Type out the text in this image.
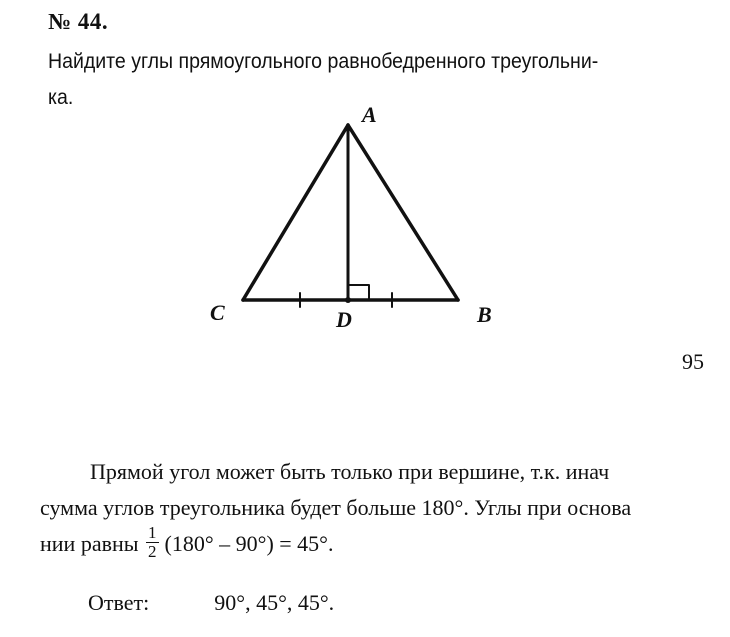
№ 44.
Найдите углы прямоугольного равнобедренного треугольни-
ка.
A
C	D	B
95
Прямой угол может быть только при вершине, т.к. инач
сумма углов треугольника будет больше 180°. Углы при основа
нии равны $\frac{1}{2} (180^\circ - 90^\circ) = 45^\circ$.
Ответ:	90°, 45°, 45°.
